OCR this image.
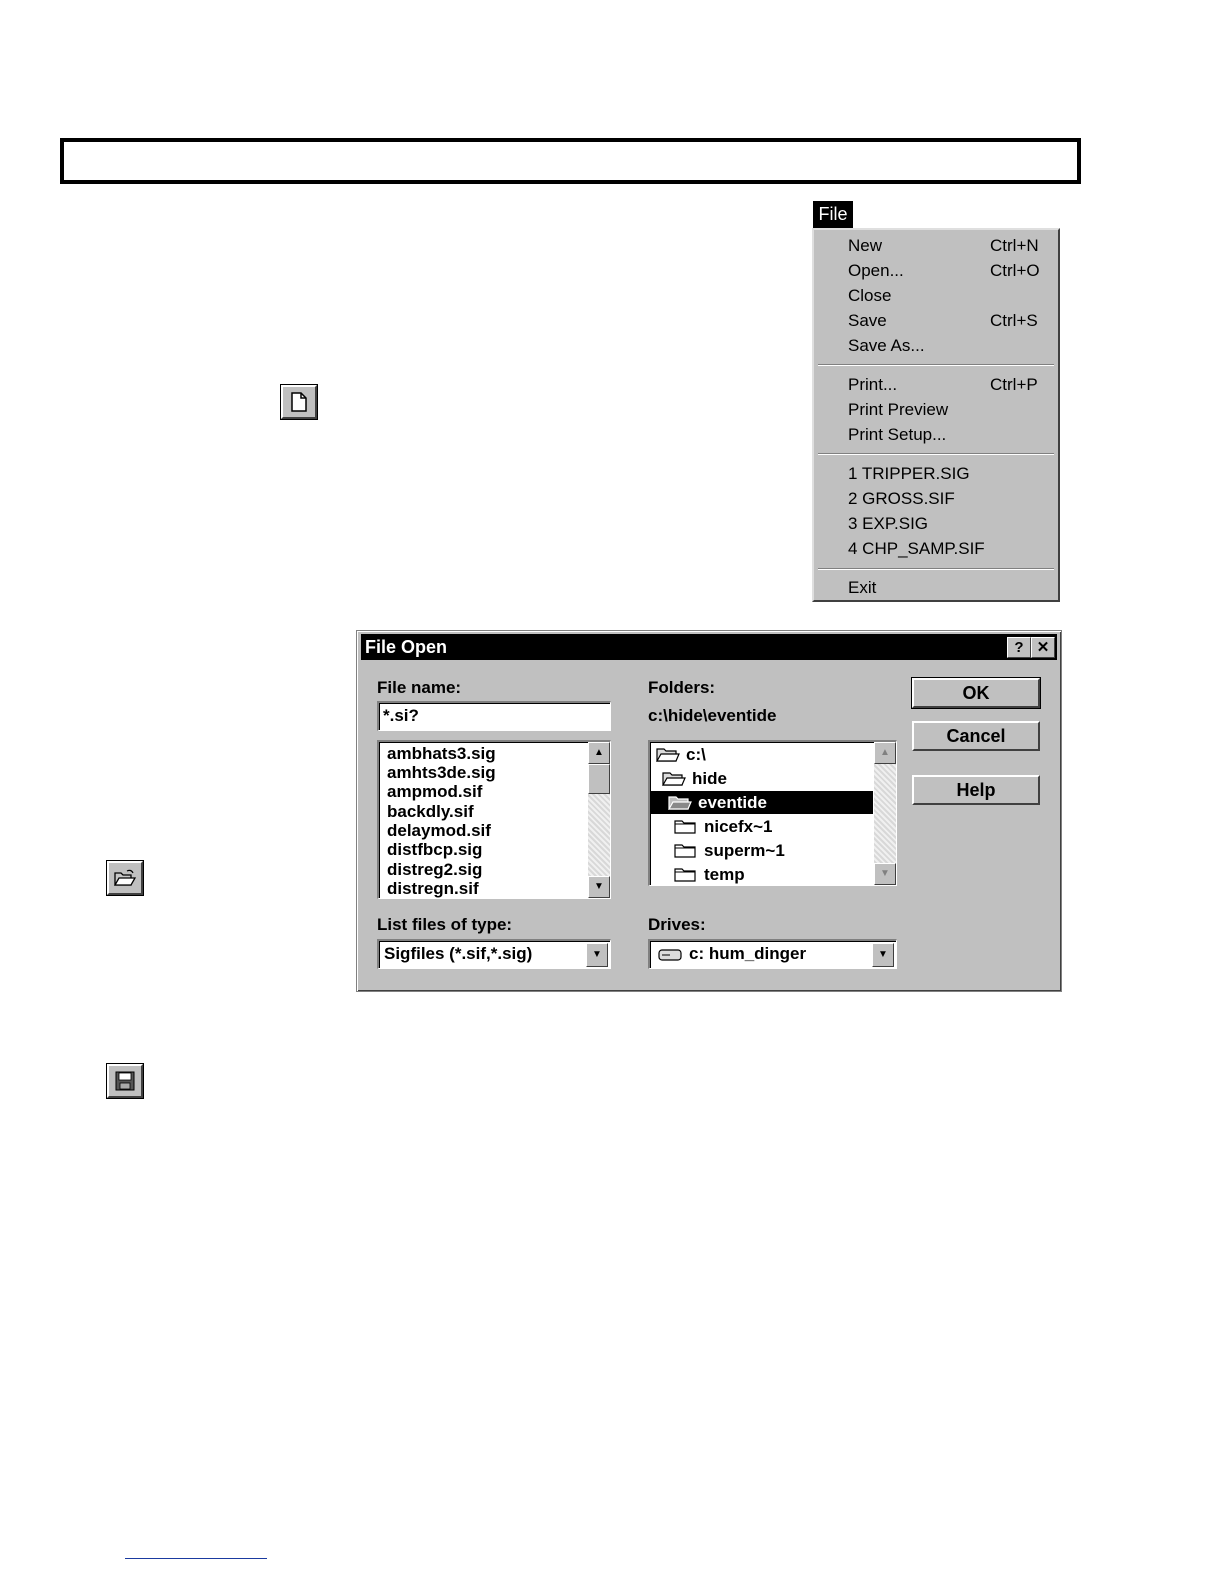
File
New	Ctrl+N
Open...	Ctrl+O
Close
Save	Ctrl+S
Save As...
Print...	Ctrl+P
Print Preview
Print Setup...
1 TRIPPER.SIG
2 GROSS.SIF
3 EXP.SIG
4 CHP_SAMP.SIF
Exit
File Open	? ✕
File name:
*.si?
ambhats3.sig
amhts3de.sig
ampmod.sif
backdly.sif
delaymod.sif
distfbcp.sig
distreg2.sig
distregn.sif
▲
▼
Folders:
c:\hide\eventide
c:\
hide
eventide
nicefx~1
superm~1
temp
▲
▼
OK
Cancel
Help
List files of type:
Sigfiles (*.sif,*.sig)	▼
Drives:
c: hum_dinger	▼
